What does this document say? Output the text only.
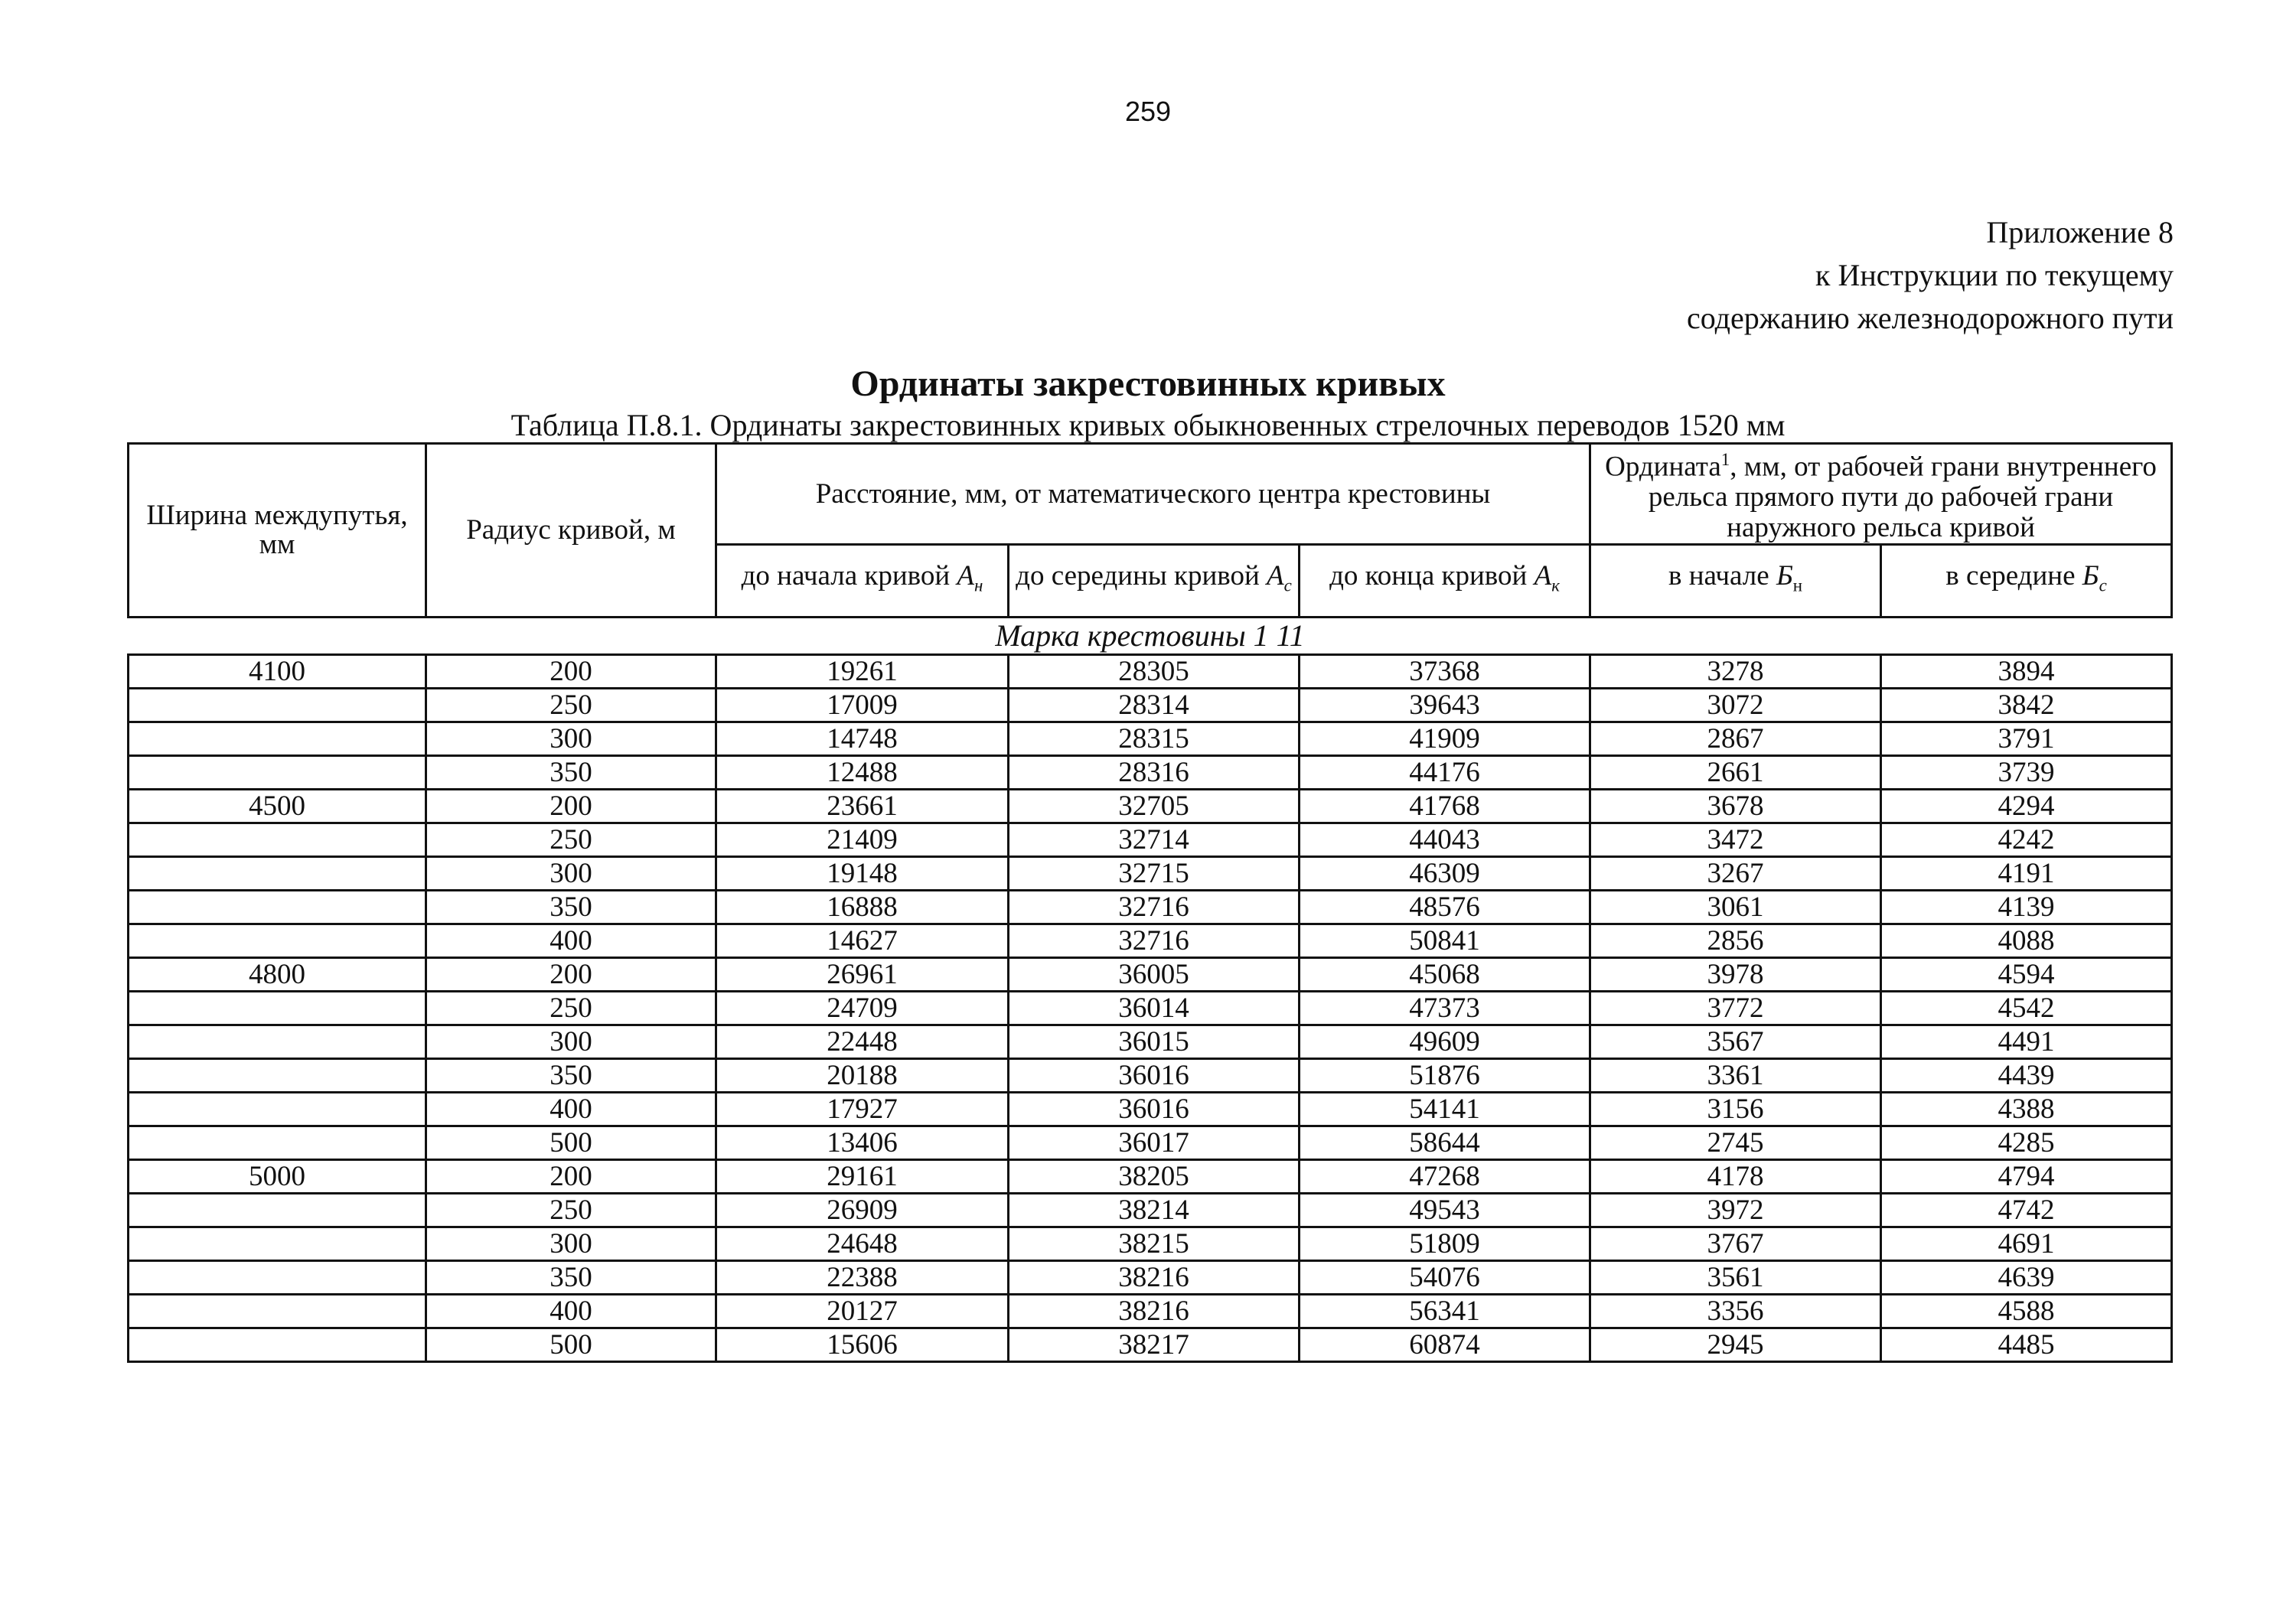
259
Приложение 8
к Инструкции по текущему
содержанию железнодорожного пути
Ординаты закрестовинных кривых
Таблица П.8.1. Ординаты закрестовинных кривых обыкновенных стрелочных переводов 1520 мм
Ширина междупутья, мм	Радиус кривой, м	Расстояние, мм, от математического центра крестовины			Ордината$^1$, мм, от рабочей грани внутреннего рельса прямого пути до рабочей грани наружного рельса кривой	
		до начала кривой $А_н$	до середины кривой $А_с$	до конца кривой $А_к$	в начале $Б_н$	в середине $Б_с$
Марка крестовины 1 11						
4100	200	19261	28305	37368	3278	3894
	250	17009	28314	39643	3072	3842
	300	14748	28315	41909	2867	3791
	350	12488	28316	44176	2661	3739
4500	200	23661	32705	41768	3678	4294
	250	21409	32714	44043	3472	4242
	300	19148	32715	46309	3267	4191
	350	16888	32716	48576	3061	4139
	400	14627	32716	50841	2856	4088
4800	200	26961	36005	45068	3978	4594
	250	24709	36014	47373	3772	4542
	300	22448	36015	49609	3567	4491
	350	20188	36016	51876	3361	4439
	400	17927	36016	54141	3156	4388
	500	13406	36017	58644	2745	4285
5000	200	29161	38205	47268	4178	4794
	250	26909	38214	49543	3972	4742
	300	24648	38215	51809	3767	4691
	350	22388	38216	54076	3561	4639
	400	20127	38216	56341	3356	4588
	500	15606	38217	60874	2945	4485
